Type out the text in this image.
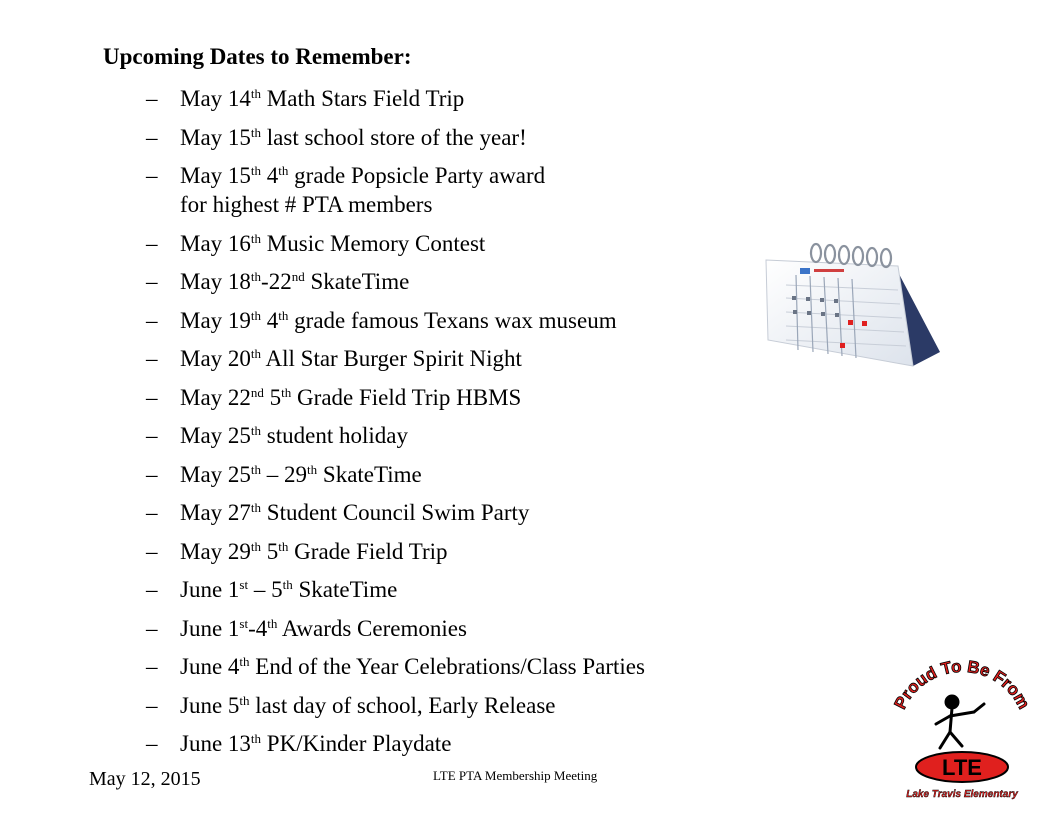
Upcoming Dates to Remember:
– May 14th Math Stars Field Trip
– May 15th last school store of the year!
– May 15th 4th grade Popsicle Party award
for highest # PTA members
– May 16th Music Memory Contest
– May 18th-22nd SkateTime
– May 19th 4th grade famous Texans wax museum
– May 20th All Star Burger Spirit Night
– May 22nd 5th Grade Field Trip HBMS
– May 25th student holiday
– May 25th – 29th SkateTime
– May 27th Student Council Swim Party
– May 29th 5th Grade Field Trip
– June 1st – 5th SkateTime
– June 1st-4th Awards Ceremonies
– June 4th End of the Year Celebrations/Class Parties
– June 5th last day of school, Early Release
– June 13th PK/Kinder Playdate
May 12, 2015	LTE PTA Membership Meeting
Proud To Be From
LTE
Lake Travis Elementary
